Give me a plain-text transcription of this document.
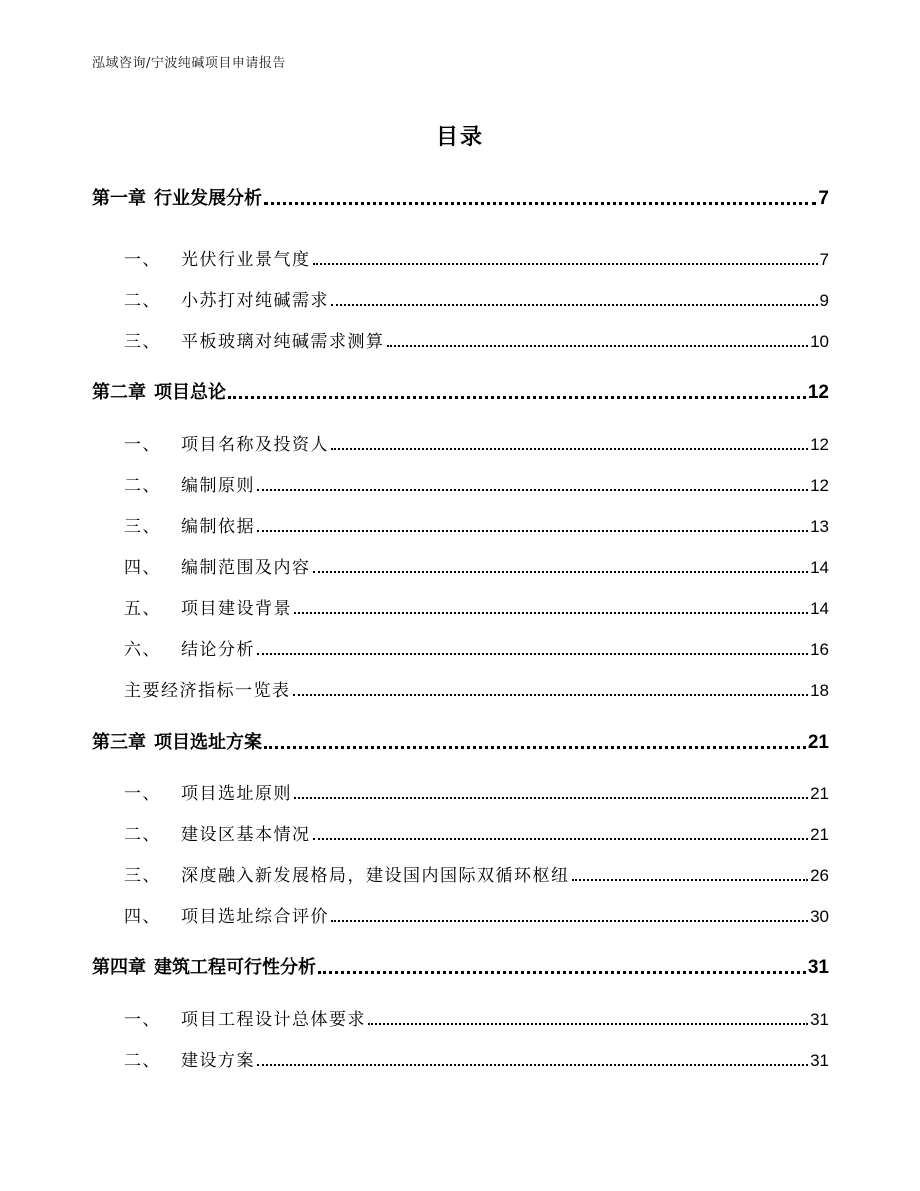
泓域咨询/宁波纯碱项目申请报告
目录
第一章 行业发展分析	7
一、 光伏行业景气度	7
二、 小苏打对纯碱需求	9
三、 平板玻璃对纯碱需求测算	10
第二章 项目总论	12
一、 项目名称及投资人	12
二、 编制原则	12
三、 编制依据	13
四、 编制范围及内容	14
五、 项目建设背景	14
六、 结论分析	16
主要经济指标一览表	18
第三章 项目选址方案	21
一、 项目选址原则	21
二、 建设区基本情况	21
三、 深度融入新发展格局，建设国内国际双循环枢纽	26
四、 项目选址综合评价	30
第四章 建筑工程可行性分析	31
一、 项目工程设计总体要求	31
二、 建设方案	31
